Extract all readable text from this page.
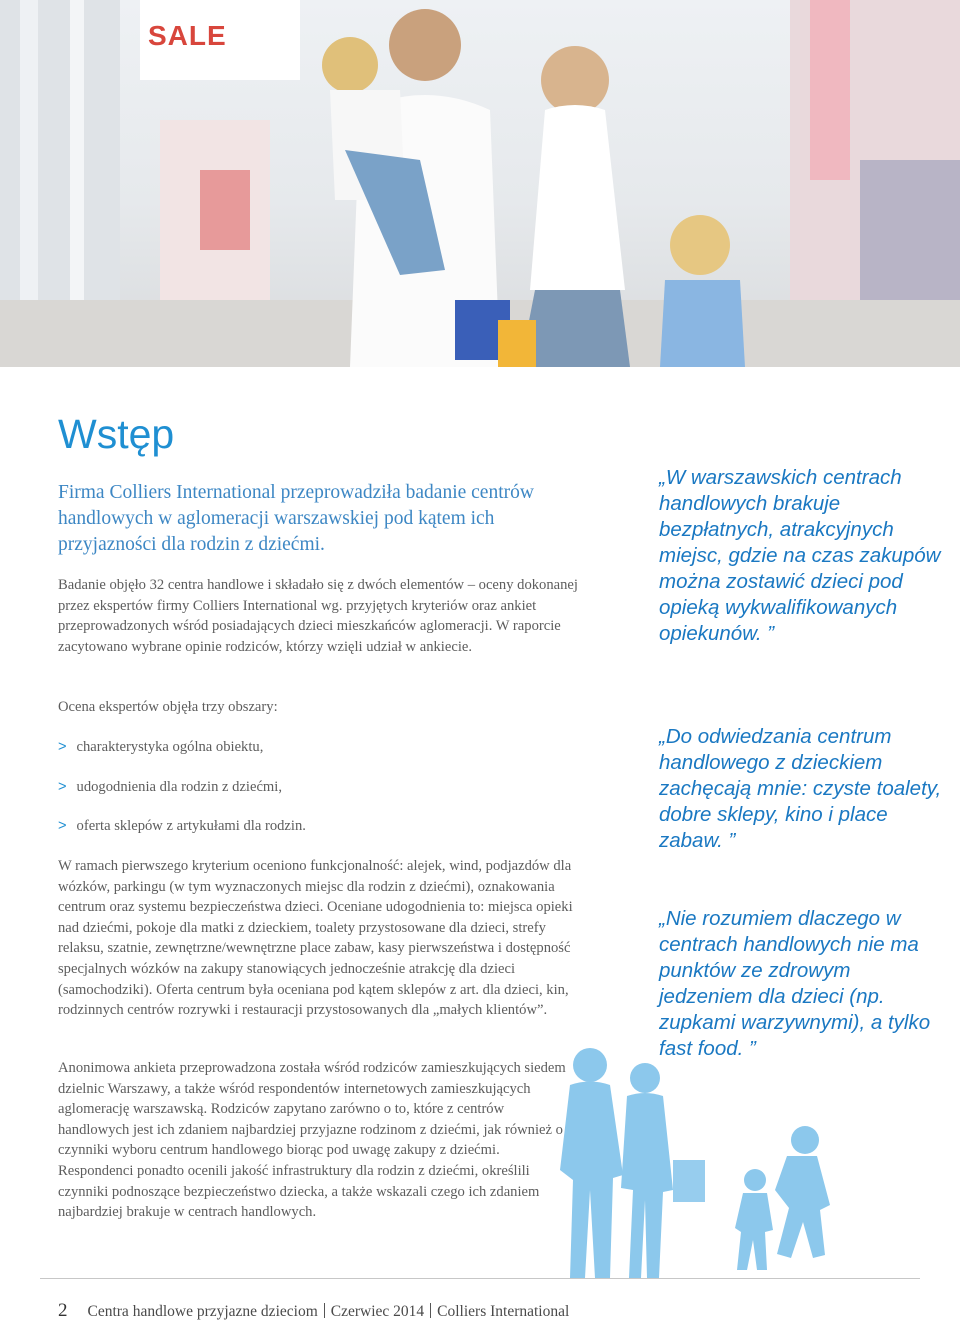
SALE
Wstęp
Firma Colliers International przeprowadziła badanie centrów handlowych w aglomeracji warszawskiej pod kątem ich przyjazności dla rodzin z dziećmi.
Badanie objęło 32 centra handlowe i składało się z dwóch elementów – oceny dokonanej przez ekspertów firmy Colliers International wg. przyjętych kryteriów oraz ankiet przeprowadzonych wśród posiadających dzieci mieszkańców aglomeracji. W raporcie zacytowano wybrane opinie rodziców, którzy wzięli udział w ankiecie.
Ocena ekspertów objęła trzy obszary:
> charakterystyka ogólna obiektu,
> udogodnienia dla rodzin z dziećmi,
> oferta sklepów z artykułami dla rodzin.
W ramach pierwszego kryterium oceniono funkcjonalność: alejek, wind, podjazdów dla wózków, parkingu (w tym wyznaczonych miejsc dla rodzin z dziećmi), oznakowania centrum oraz systemu bezpieczeństwa dzieci. Oceniane udogodnienia to: miejsca opieki nad dziećmi, pokoje dla matki z dzieckiem, toalety przystosowane dla dzieci, strefy relaksu, szatnie, zewnętrzne/wewnętrzne place zabaw, kasy pierwszeństwa i dostępność specjalnych wózków na zakupy stanowiących jednocześnie atrakcję dla dzieci (samochodziki). Oferta centrum była oceniana pod kątem sklepów z art. dla dzieci, kin, rodzinnych centrów rozrywki i restauracji przystosowanych dla „małych klientów”.
Anonimowa ankieta przeprowadzona została wśród rodziców zamieszkujących siedem dzielnic Warszawy, a także wśród respondentów internetowych zamieszkujących aglomerację warszawską. Rodziców zapytano zarówno o to, które z centrów handlowych jest ich zdaniem najbardziej przyjazne rodzinom z dziećmi, jak również o czynniki wyboru centrum handlowego biorąc pod uwagę zakupy z dziećmi. Respondenci ponadto ocenili jakość infrastruktury dla rodzin z dziećmi, określili czynniki podnoszące bezpieczeństwo dziecka, a także wskazali czego ich zdaniem najbardziej brakuje w centrach handlowych.
„W warszawskich centrach handlowych brakuje bezpłatnych, atrakcyjnych miejsc, gdzie na czas zakupów można zostawić dzieci pod opieką wykwalifikowanych opiekunów. ”
„Do odwiedzania centrum handlowego z dzieckiem zachęcają mnie: czyste toalety, dobre sklepy, kino i place zabaw. ”
„Nie rozumiem dlaczego w centrach handlowych nie ma punktów ze zdrowym jedzeniem dla dzieci (np. zupkami warzywnymi), a tylko fast food. ”
2 Centra handlowe przyjazne dzieciom Czerwiec 2014 Colliers International
